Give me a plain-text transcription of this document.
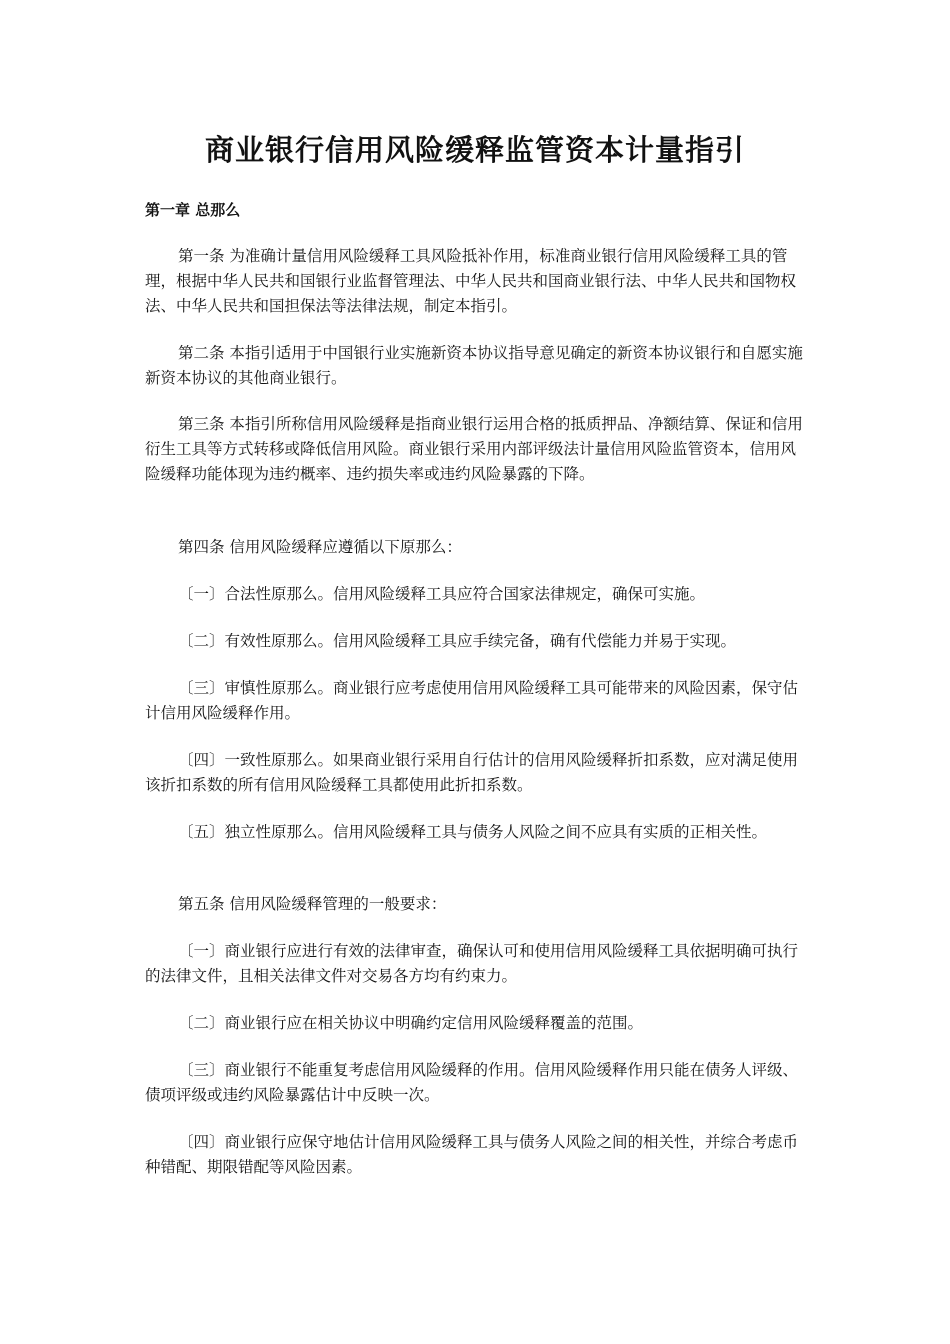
商业银行信用风险缓释监管资本计量指引
第一章 总那么
第一条 为准确计量信用风险缓释工具风险抵补作用，标准商业银行信用风险缓释工具的管理，根据中华人民共和国银行业监督管理法、中华人民共和国商业银行法、中华人民共和国物权法、中华人民共和国担保法等法律法规，制定本指引。
第二条 本指引适用于中国银行业实施新资本协议指导意见确定的新资本协议银行和自愿实施新资本协议的其他商业银行。
第三条 本指引所称信用风险缓释是指商业银行运用合格的抵质押品、净额结算、保证和信用衍生工具等方式转移或降低信用风险。商业银行采用内部评级法计量信用风险监管资本，信用风险缓释功能体现为违约概率、违约损失率或违约风险暴露的下降。
第四条 信用风险缓释应遵循以下原那么：
〔一〕合法性原那么。信用风险缓释工具应符合国家法律规定，确保可实施。
〔二〕有效性原那么。信用风险缓释工具应手续完备，确有代偿能力并易于实现。
〔三〕审慎性原那么。商业银行应考虑使用信用风险缓释工具可能带来的风险因素，保守估计信用风险缓释作用。
〔四〕一致性原那么。如果商业银行采用自行估计的信用风险缓释折扣系数，应对满足使用该折扣系数的所有信用风险缓释工具都使用此折扣系数。
〔五〕独立性原那么。信用风险缓释工具与债务人风险之间不应具有实质的正相关性。
第五条 信用风险缓释管理的一般要求：
〔一〕商业银行应进行有效的法律审查，确保认可和使用信用风险缓释工具依据明确可执行的法律文件，且相关法律文件对交易各方均有约束力。
〔二〕商业银行应在相关协议中明确约定信用风险缓释覆盖的范围。
〔三〕商业银行不能重复考虑信用风险缓释的作用。信用风险缓释作用只能在债务人评级、债项评级或违约风险暴露估计中反映一次。
〔四〕商业银行应保守地估计信用风险缓释工具与债务人风险之间的相关性，并综合考虑币种错配、期限错配等风险因素。
